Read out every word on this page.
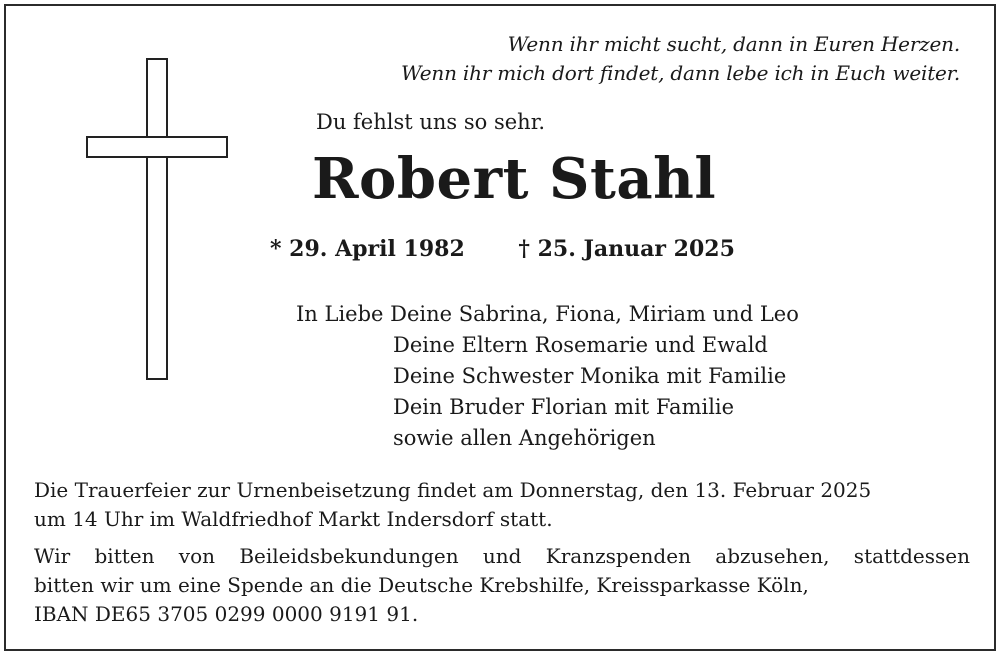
Wenn ihr micht sucht, dann in Euren Herzen.
Wenn ihr mich dort findet, dann lebe ich in Euch weiter.
Du fehlst uns so sehr.
Robert Stahl
* 29. April 1982 † 25. Januar 2025
In Liebe Deine Sabrina, Fiona, Miriam und Leo
Deine Eltern Rosemarie und Ewald
Deine Schwester Monika mit Familie
Dein Bruder Florian mit Familie
sowie allen Angehörigen
Die Trauerfeier zur Urnenbeisetzung findet am Donnerstag, den 13. Februar 2025
um 14 Uhr im Waldfriedhof Markt Indersdorf statt.
Wir bitten von Beileidsbekundungen und Kranzspenden abzusehen, stattdessen
bitten wir um eine Spende an die Deutsche Krebshilfe, Kreissparkasse Köln,
IBAN DE65 3705 0299 0000 9191 91.
